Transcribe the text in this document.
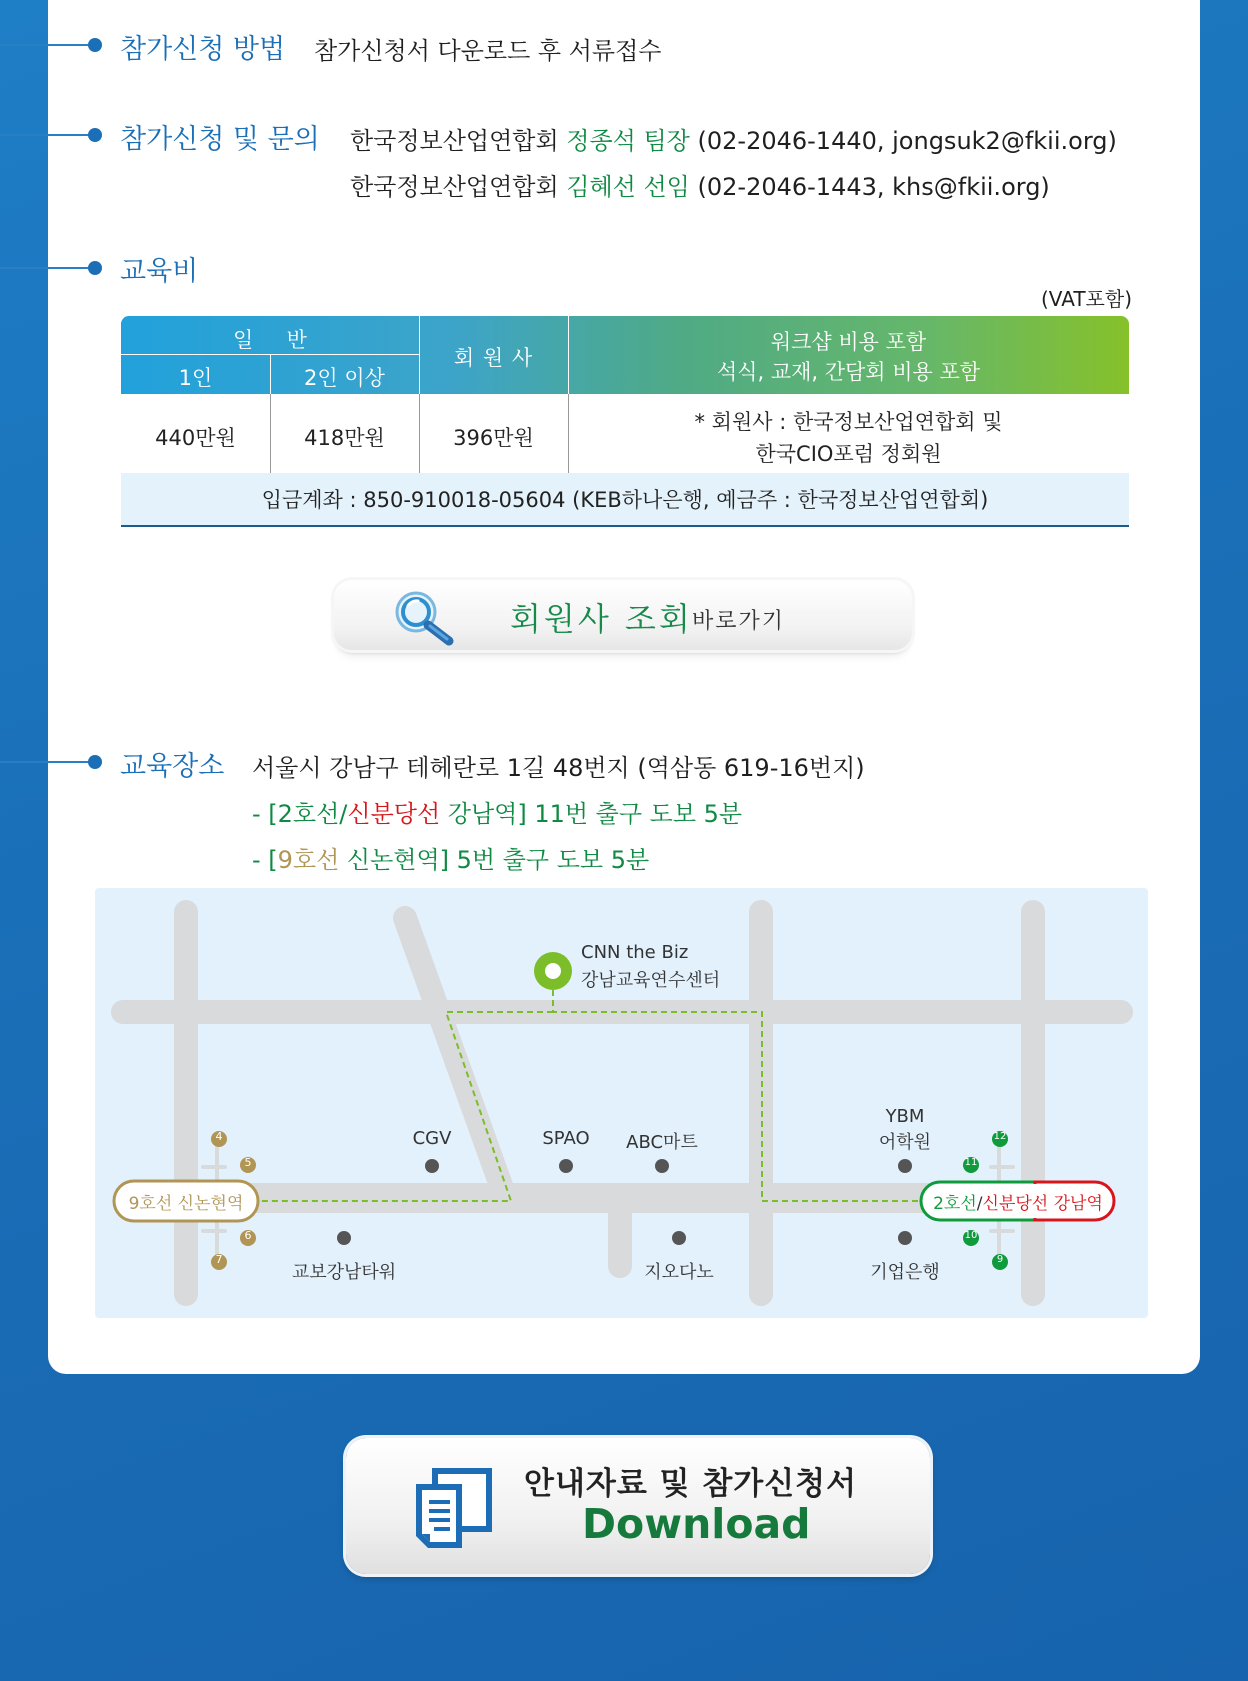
참가신청 방법 참가신청서 다운로드 후 서류접수
참가신청 및 문의 한국정보산업연합회 정종석 팀장 (02-2046-1440, jongsuk2@fkii.org)
한국정보산업연합회 김혜선 선임 (02-2046-1443, khs@fkii.org)
교육비
(VAT포함)
일     반
1인	2인 이상
회 원 사
워크샵 비용 포함
석식, 교재, 간담회 비용 포함
440만원	418만원	396만원
* 회원사 : 한국정보산업연합회 및
한국CIO포럼 정회원
입금계좌 : 850-910018-05604 (KEB하나은행, 예금주 : 한국정보산업연합회)
회원사 조회 바로가기
교육장소 서울시 강남구 테헤란로 1길 48번지 (역삼동 619-16번지)
- [2호선/신분당선 강남역] 11번 출구 도보 5분
- [9호선 신논현역] 5번 출구 도보 5분
CNN the Biz
강남교육연수센터
CGV	SPAO	ABC마트
YBM
어학원
교보강남타워	지오다노	기업은행
9호선 신논현역	2호선/신분당선 강남역
4
5
6
7
12
11
10
9
안내자료 및 참가신청서
Download
